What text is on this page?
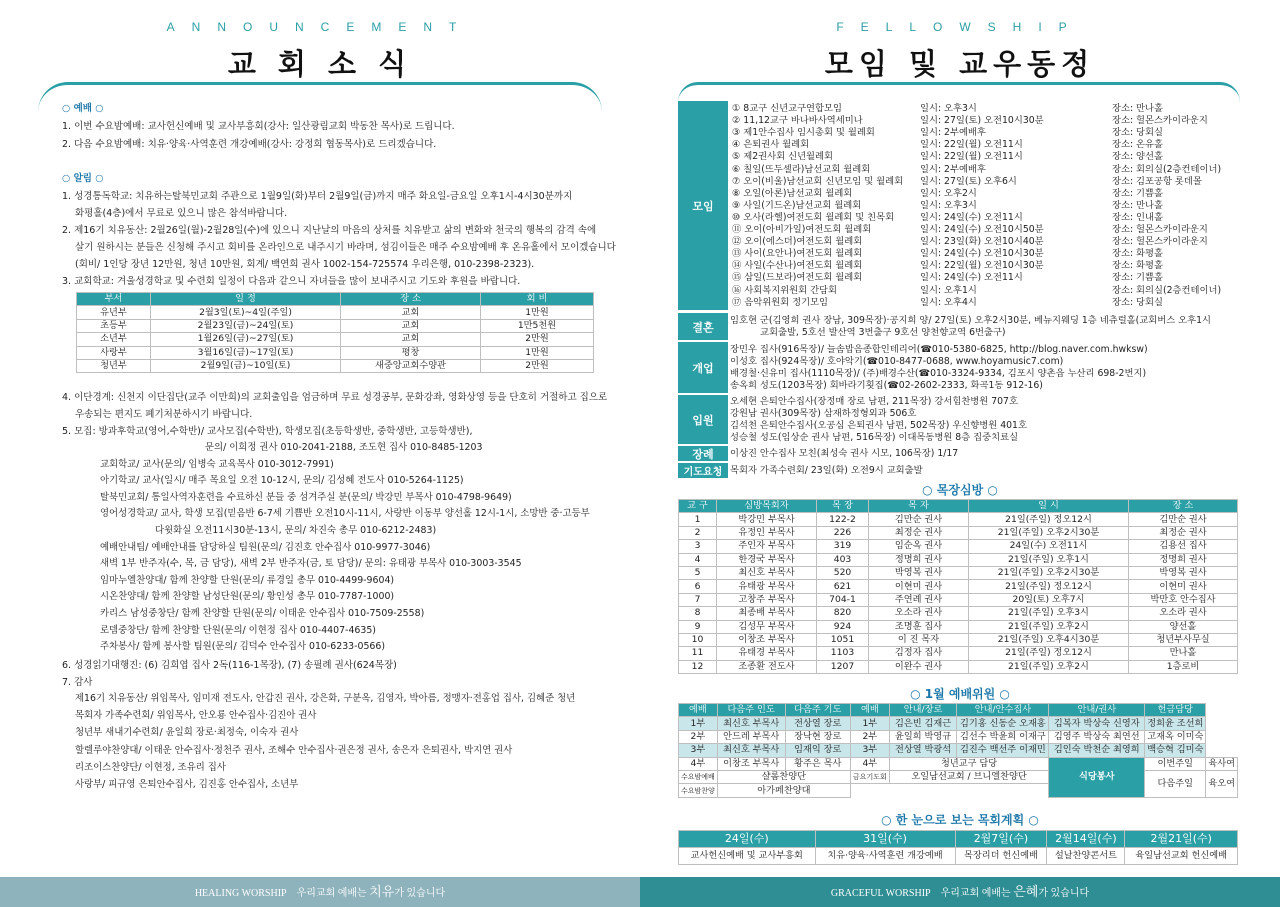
ANNOUNCEMENT
교 회 소 식
○ 예배 ○
1. 이번 수요밤예배: 교사헌신예배 및 교사부흥회(강사: 일산광림교회 박동찬 목사)로 드립니다.
2. 다음 수요밤예배: 치유·양육·사역훈련 개강예배(강사: 강정희 협동목사)로 드리겠습니다.
○ 알림 ○
1. 성경통독학교: 치유하는탈북민교회 주관으로 1월9일(화)부터 2월9일(금)까지 매주 화요일-금요일 오후1시-4시30분까지
화평홀(4층)에서 무료로 있으니 많은 참석바랍니다.
2. 제16기 치유동산: 2월26일(월)-2월28일(수)에 있으니 지난날의 마음의 상처를 치유받고 삶의 변화와 천국의 행복의 감격 속에
살기 원하시는 분들은 신청해 주시고 회비를 온라인으로 내주시기 바라며, 섬김이들은 매주 수요밤예배 후 온유홀에서 모이겠습니다
(회비/ 1인당 장년 12만원, 청년 10만원, 회계/ 백연희 권사 1002-154-725574 우리은행, 010-2398-2323).
3. 교회학교: 겨울성경학교 및 수련회 일정이 다음과 같으니 자녀들을 많이 보내주시고 기도와 후원을 바랍니다.
부서	일 정	장 소	회 비
유년부	2월3일(토)~4일(주일)	교회	1만원
초등부	2월23일(금)~24일(토)	교회	1만5천원
소년부	1월26일(금)~27일(토)	교회	2만원
사랑부	3월16일(금)~17일(토)	평창	1만원
청년부	2월9일(금)~10일(토)	새중앙교회수양관	2만원
4. 이단경계: 신천지 이단집단(교주 이만희)의 교회출입을 엄금하며 무료 성경공부, 문화강좌, 영화상영 등을 단호히 거절하고 집으로
우송되는 편지도 폐기처분하시기 바랍니다.
5. 모집: 방과후학교(영어,수학반)/ 교사모집(수학반), 학생모집(초등학생반, 중학생반, 고등학생반),
문의/ 이희정 권사 010-2041-2188, 조도현 집사 010-8485-1203
교회학교/ 교사(문의/ 임병숙 교육목사 010-3012-7991)
아기학교/ 교사(일시/ 매주 목요일 오전 10-12시, 문의/ 김성혜 전도사 010-5264-1125)
탈북민교회/ 통일사역자훈련을 수료하신 분들 중 섬겨주실 분(문의/ 박강민 부목사 010-4798-9649)
영어성경학교/ 교사, 학생 모집(믿음반 6-7세 기쁨반 오전10시-11시, 사랑반 이동부 양선홀 12시-1시, 소망반 중·고등부
다윗화실 오전11시30분-13시, 문의/ 차진숙 총무 010-6212-2483)
예배안내팀/ 예배안내를 담당하실 팀원(문의/ 김진호 안수집사 010-9977-3046)
새벽 1부 반주자(수, 목, 금 담당), 새벽 2부 반주자(금, 토 담당)/ 문의: 유태광 부목사 010-3003-3545
임마누엘찬양대/ 함께 찬양할 단원(문의/ 류경일 총무 010-4499-9604)
시온찬양대/ 함께 찬양할 남성단원(문의/ 황인성 총무 010-7787-1000)
카리스 남성중창단/ 함께 찬양할 단원(문의/ 이태운 안수집사 010-7509-2558)
로뎀중창단/ 함께 찬양할 단원(문의/ 이현정 집사 010-4407-4635)
주차봉사/ 함께 봉사할 팀원(문의/ 김덕수 안수집사 010-6233-0566)
6. 성경읽기대행진: (6) 김희엽 집사 2독(116-1목장), (7) 송필례 권사(624목장)
7. 감사
제16기 치유동산/ 위임목사, 임미재 전도사, 안갑진 권사, 강은화, 구분옥, 김영자, 박아름, 정맹자·전홍업 집사, 김혜준 청년
목회자 가족수련회/ 위임목사, 안오룡 안수집사·김진아 권사
청년부 새내기수련회/ 윤일희 장로·최정숙, 이숙자 권사
할렐루야찬양대/ 이태운 안수집사·정천주 권사, 조해수 안수집사·권은정 권사, 송은자 은퇴권사, 박지연 권사
리조이스찬양단/ 이현정, 조유리 집사
사랑부/ 피규영 은퇴안수집사, 김진홍 안수집사, 소년부
HEALING WORSHIP 우리교회 예배는 치유가 있습니다
FELLOWSHIP
모임 및 교우동정
모임
① 8교구 신년교구연합모임	일시: 오후3시	장소: 만나홀
② 11,12교구 바나바사역세미나	일시: 27일(토) 오전10시30분	장소: 헐몬스카이라운지
③ 제1안수집사 임시총회 및 월례회	일시: 2부예배후	장소: 당회실
④ 은퇴권사 월례회	일시: 22일(월) 오전11시	장소: 온유홀
⑤ 제2권사회 신년월례회	일시: 22일(월) 오전11시	장소: 양선홀
⑥ 칠일(뜨두셀라)남선교회 월례회	일시: 2부예배후	장소: 회의실(2층컨테이너)
⑦ 오이(비울)남선교회 신년모임 및 월례회 일시: 27일(토) 오후6시	장소: 김포공항 롯데몰
⑧ 오일(아론)남선교회 월례회	일시: 오후2시	장소: 기쁨홀
⑨ 사일(기드온)남선교회 월례회	일시: 오후3시	장소: 만나홀
⑩ 오사(라헬)여전도회 월례회 및 친목회	일시: 24일(수) 오전11시	장소: 인내홀
⑪ 오이(아비가일)여전도회 월례회	일시: 24일(수) 오전10시50분	장소: 헐몬스카이라운지
⑫ 오이(에스더)여전도회 월례회	일시: 23일(화) 오전10시40분	장소: 헐몬스카이라운지
⑬ 사이(요안나)여전도회 월례회	일시: 24일(수) 오전10시30분	장소: 화평홀
⑭ 사일(수산나)여전도회 월례회	일시: 22일(월) 오전10시30분	장소: 화평홀
⑮ 삼일(드보라)여전도회 월례회	일시: 24일(수) 오전11시	장소: 기쁨홀
⑯ 사회복지위원회 간담회	일시: 오후1시	장소: 회의실(2층컨테이너)
⑰ 음악위원회 정기모임	일시: 오후4시	장소: 당회실
결혼	임호현 군(김영희 권사 장남, 309목장)·공지희 양/ 27일(토) 오후2시30분, 베뉴지웨딩 1층 네츄럴홀(교회버스 오후1시
교회출발, 5호선 발산역 3번출구 9호선 양천향교역 6번출구)
개업
장민우 집사(916목장)/ 늘솜밥음종합인테리어(☎010-5380-6825, http://blog.naver.com.hwksw)
이성호 집사(924목장)/ 호야악기(☎010-8477-0688, www.hoyamusic7.com)
배경철·신유미 집사(1110목장)/ (주)배경수산(☎010-3324-9334, 김포시 양촌읍 누산리 698-2번지)
송옥희 성도(1203목장) 회바라기횟집(☎02-2602-2333, 화곡1동 912-16)
입원
오세현 은퇴안수집사(장정매 장로 남편, 211목장) 강서힘찬병원 707호
강원남 권사(309목장) 삼재하정형외과 506호
김석천 은퇴안수집사(오공심 은퇴권사 남편, 502목장) 우신향병원 401호
성승철 성도(임상순 권사 남편, 516목장) 이대목동병원 8층 집중치료실
장례	이상진 안수집사 모친(최성숙 권사 시모, 106목장) 1/17
기도요청 목회자 가족수련회/ 23일(화) 오전9시 교회출발
○ 목장심방 ○
교 구	심방목회자	목 장	목 자	일 시	장 소
1	박강민 부목사	122-2	김만순 권사	21일(주일) 정오12시	김만순 권사
2	유정인 부목사	226	최정순 권사	21일(주일) 오후2시30분	최정순 권사
3	주인자 부목사	319	임순옥 권사	24일(수) 오전11시	김용선 집사
4	한경국 부목사	403	정명희 권사	21일(주일) 오후1시	정명희 권사
5	최신호 부목사	520	박영복 권사	21일(주일) 오후2시30분	박영복 권사
6	유태광 부목사	621	이현미 권사	21일(주일) 정오12시	이현미 권사
7	고창주 부목사	704-1	주연례 권사	20일(토) 오후7시	박만호 안수집사
8	최종배 부목사	820	오소라 권사	21일(주일) 오후3시	오소라 권사
9	김성무 부목사	924	조명훈 집사	21일(주일) 오후2시	양선홀
10	이창조 부목사	1051	이 진 목자	21일(주일) 오후4시30분	청년부사무실
11	유태경 부목사	1103	김정자 집사	21일(주일) 정오12시	만나홀
12	조종환 전도사	1207	이완수 권사	21일(주일) 오후2시	1층로비
○ 1월 예배위원 ○
예배	다음주 인도	다음주 기도	예배	안내/장로	안내/안수집사	안내/권사	헌금담당	
1부	최신호 부목사	전상열 장로	1부	김은빈 김재근	김기홍 신동순 오재홍	김복자 박상숙 신영자	정희윤 조선희	
2부	안드레 부목사	장낙현 장로	2부	윤일희 박영규	김선수 박윤희 이재구	김영주 박상숙 최연선	고재옥 이미숙	
3부	최신호 부목사	임재익 장로	3부	전상열 박광석	김진수 백선주 이재민	김인숙 박천순 최영희	백승혁 김미숙	
4부	이창조 부목사	황주은 목사	4부	청년교구 담당		식당봉사	이번주일	육사여
수요밤예배	샬롬찬양단		금요기도회	오일남선교회 / 브니엘찬양단			다음주일	육오여
수요밤찬양	아가페찬양대							
○ 한 눈으로 보는 목회계획 ○
24일(수)	31일(수)	2월7일(수)	2월14일(수)	2월21일(수)
교사헌신예배 및 교사부흥회	치유·양육·사역훈련 개강예배	목장리더 헌신예배	설날찬양콘서트	육일남선교회 헌신예배
GRACEFUL WORSHIP 우리교회 예배는 은혜가 있습니다
